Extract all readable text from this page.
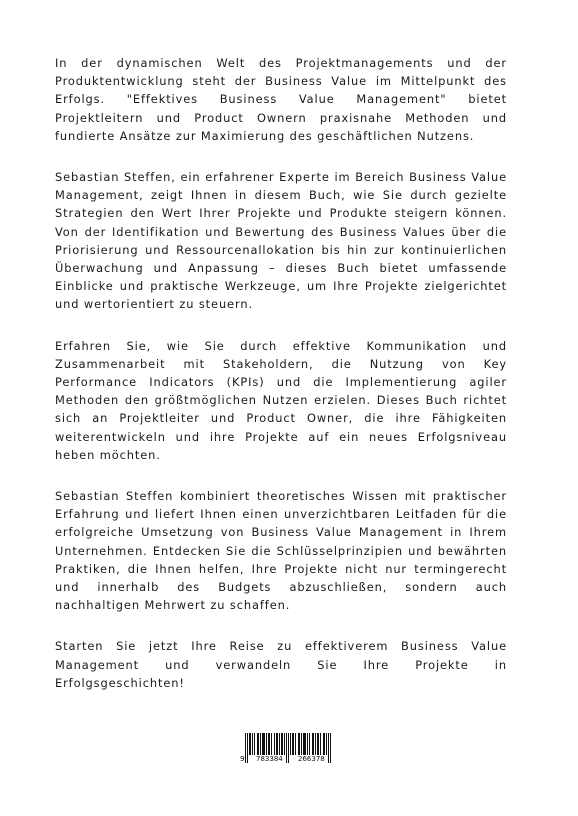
In der dynamischen Welt des Projektmanagements und der Produktentwicklung steht der Business Value im Mittelpunkt des Erfolgs. "Effektives Business Value Management" bietet Projektleitern und Product Ownern praxisnahe Methoden und fundierte Ansätze zur Maximierung des geschäftlichen Nutzens.

Sebastian Steffen, ein erfahrener Experte im Bereich Business Value Management, zeigt Ihnen in diesem Buch, wie Sie durch gezielte Strategien den Wert Ihrer Projekte und Produkte steigern können. Von der Identifikation und Bewertung des Business Values über die Priorisierung und Ressourcenallokation bis hin zur kontinuierlichen Überwachung und Anpassung – dieses Buch bietet umfassende Einblicke und praktische Werkzeuge, um Ihre Projekte zielgerichtet und wertorientiert zu steuern.

Erfahren Sie, wie Sie durch effektive Kommunikation und Zusammenarbeit mit Stakeholdern, die Nutzung von Key Performance Indicators (KPIs) und die Implementierung agiler Methoden den größtmöglichen Nutzen erzielen. Dieses Buch richtet sich an Projektleiter und Product Owner, die ihre Fähigkeiten weiterentwickeln und ihre Projekte auf ein neues Erfolgsniveau heben möchten.

Sebastian Steffen kombiniert theoretisches Wissen mit praktischer Erfahrung und liefert Ihnen einen unverzichtbaren Leitfaden für die erfolgreiche Umsetzung von Business Value Management in Ihrem Unternehmen. Entdecken Sie die Schlüsselprinzipien und bewährten Praktiken, die Ihnen helfen, Ihre Projekte nicht nur termingerecht und innerhalb des Budgets abzuschließen, sondern auch nachhaltigen Mehrwert zu schaffen.

Starten Sie jetzt Ihre Reise zu effektiverem Business Value Management und verwandeln Sie Ihre Projekte in Erfolgsgeschichten!

9 783384 266378
